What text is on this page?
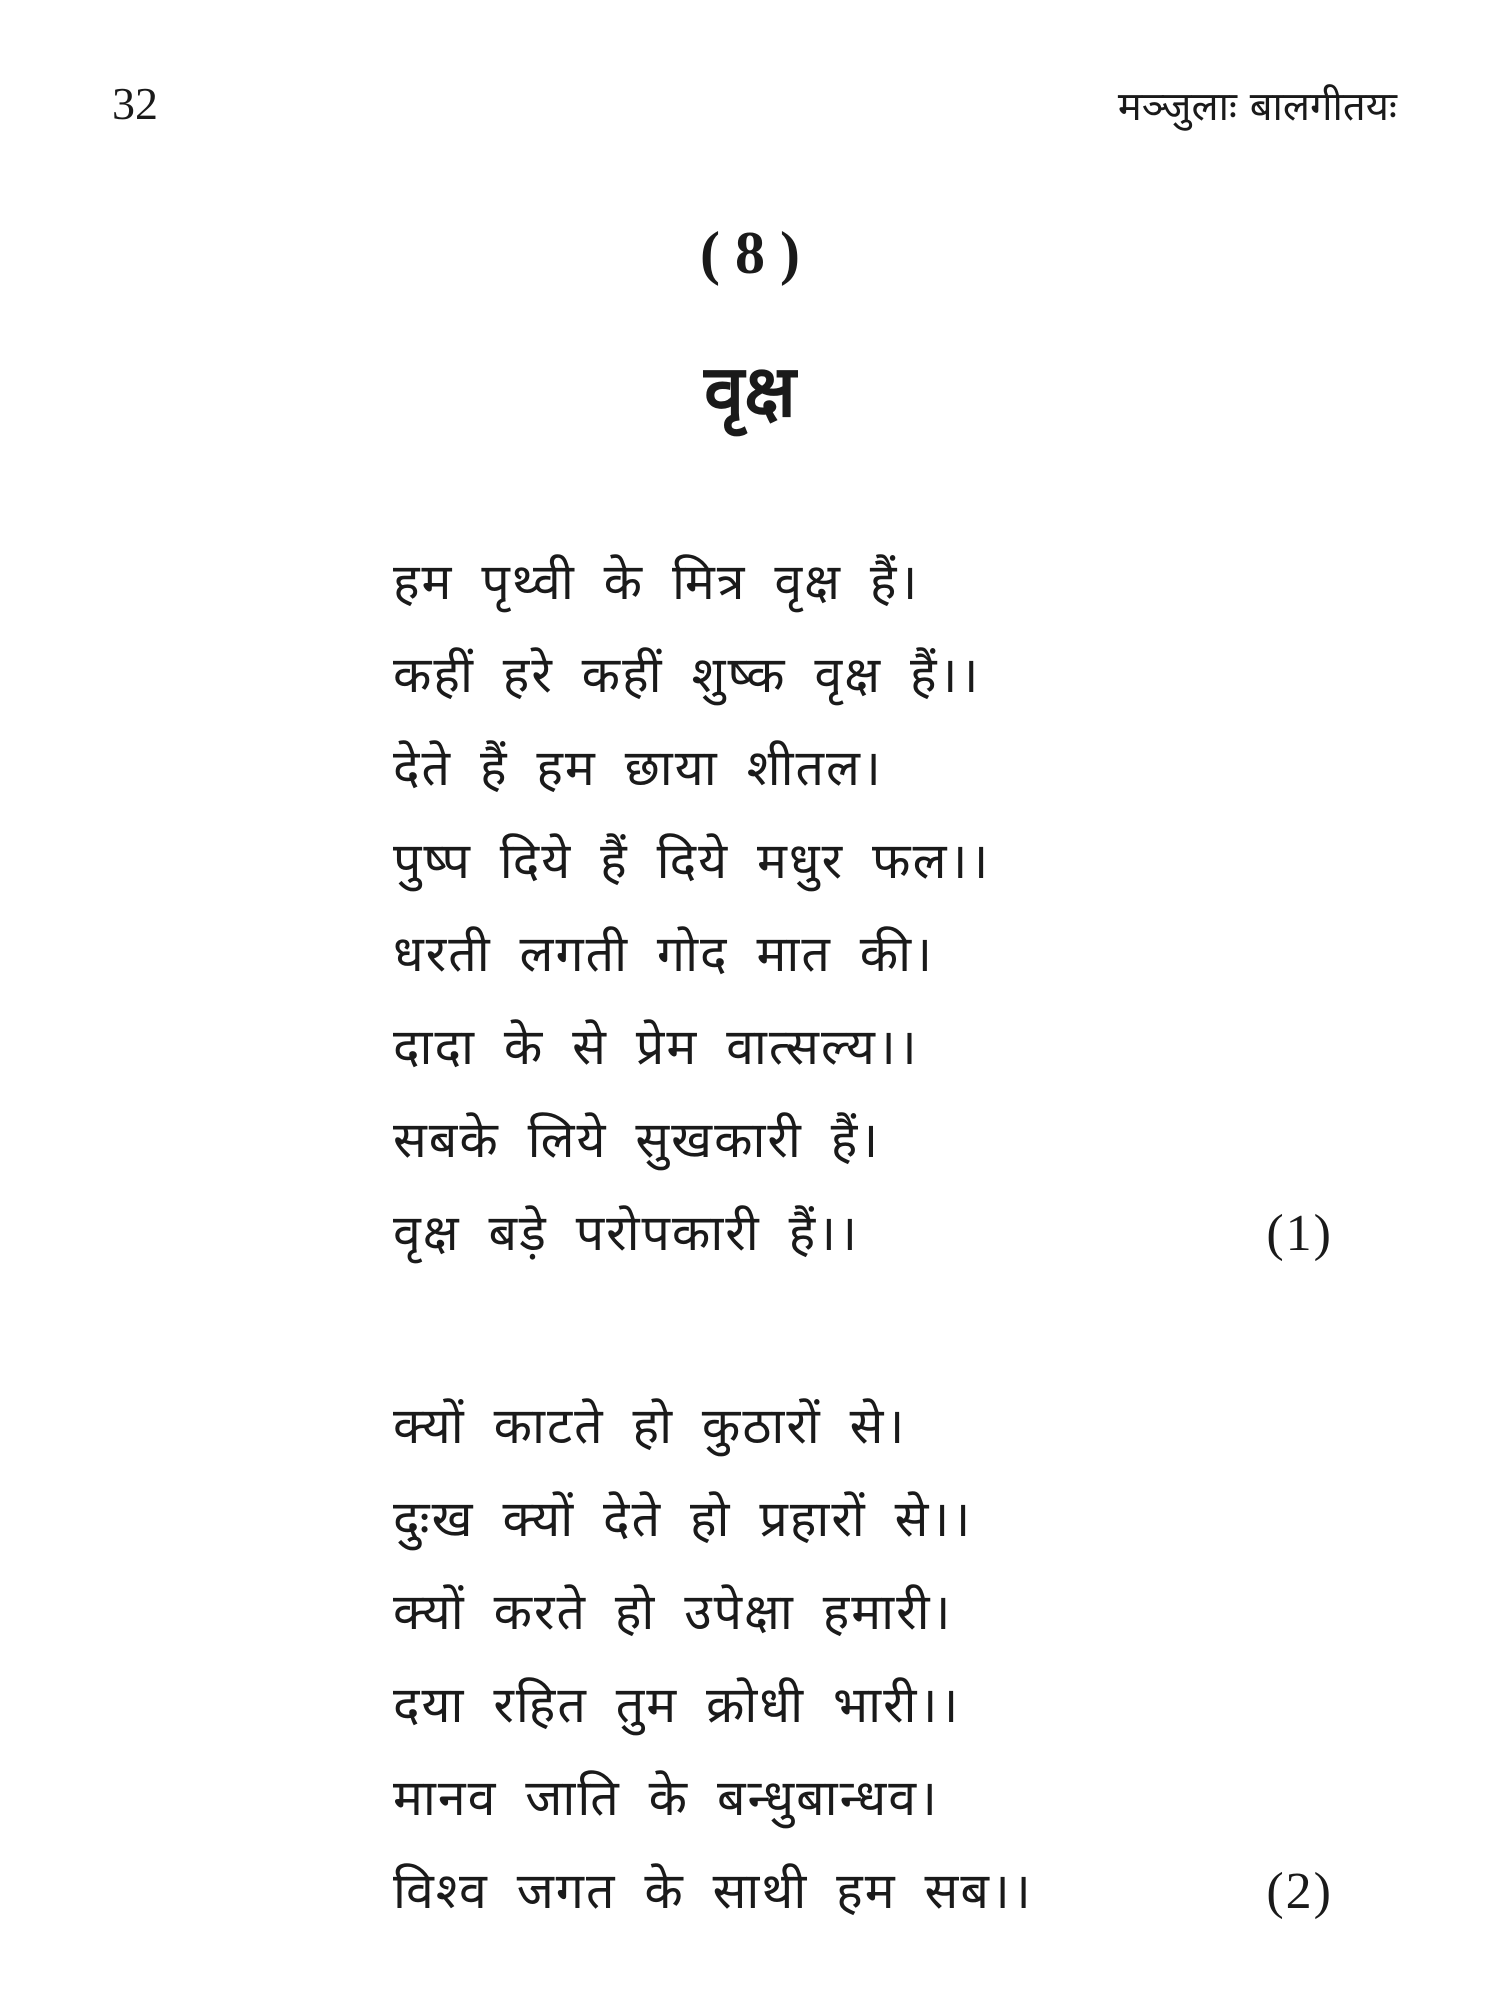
32	मञ्जुलाः बालगीतयः
( 8 )
वृक्ष
हम पृथ्वी के मित्र वृक्ष हैं।
कहीं हरे कहीं शुष्क वृक्ष हैं।।
देते हैं हम छाया शीतल।
पुष्प दिये हैं दिये मधुर फल।।
धरती लगती गोद मात की।
दादा के से प्रेम वात्सल्य।।
सबके लिये सुखकारी हैं।
वृक्ष बड़े परोपकारी हैं।।	(1)
क्यों काटते हो कुठारों से।
दुःख क्यों देते हो प्रहारों से।।
क्यों करते हो उपेक्षा हमारी।
दया रहित तुम क्रोधी भारी।।
मानव जाति के बन्धुबान्धव।
विश्व जगत के साथी हम सब।।	(2)
